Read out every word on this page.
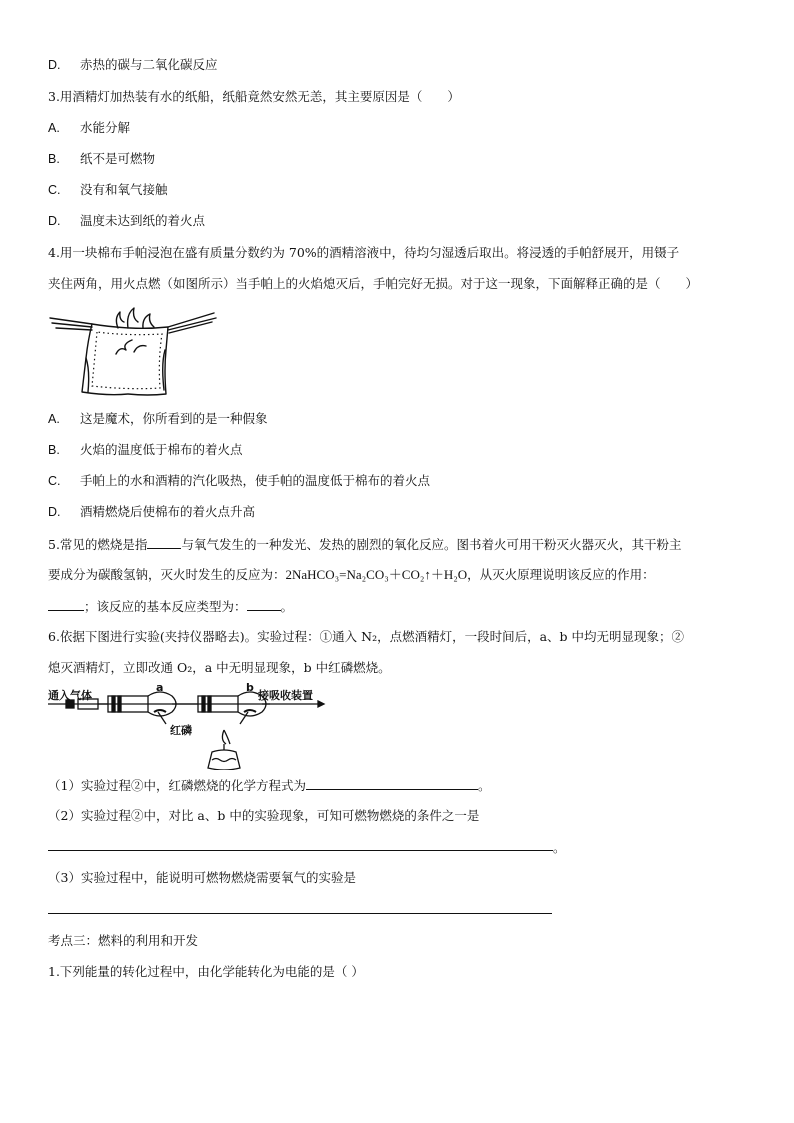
D. 赤热的碳与二氧化碳反应
3.用酒精灯加热装有水的纸船，纸船竟然安然无恙，其主要原因是（　　）
A. 水能分解
B. 纸不是可燃物
C. 没有和氧气接触
D. 温度未达到纸的着火点
4.用一块棉布手帕浸泡在盛有质量分数约为 70%的酒精溶液中，待均匀湿透后取出。将浸透的手帕舒展开，用镊子
夹住两角，用火点燃（如图所示）当手帕上的火焰熄灭后，手帕完好无损。对于这一现象，下面解释正确的是（　　）
A. 这是魔术，你所看到的是一种假象
B. 火焰的温度低于棉布的着火点
C. 手帕上的水和酒精的汽化吸热，使手帕的温度低于棉布的着火点
D. 酒精燃烧后使棉布的着火点升高
5.常见的燃烧是指	与氧气发生的一种发光、发热的剧烈的氧化反应。图书着火可用干粉灭火器灭火，其干粉主
要成分为碳酸氢钠，灭火时发生的反应为：2NaHCO₃=Na₂CO₃＋CO₂↑＋H₂O，从灭火原理说明该反应的作用：
；该反应的基本反应类型为：	。
6.依据下图进行实验(夹持仪器略去)。实验过程：①通入 N₂，点燃酒精灯，一段时间后，a、b 中均无明显现象；②
熄灭酒精灯，立即改通 O₂，a 中无明显现象，b 中红磷燃烧。
通入气体	接吸收装置
a	b
红磷
（1）实验过程②中，红磷燃烧的化学方程式为	。
（2）实验过程②中，对比 a、b 中的实验现象，可知可燃物燃烧的条件之一是
。
（3）实验过程中，能说明可燃物燃烧需要氧气的实验是
考点三：燃料的利用和开发
1.下列能量的转化过程中，由化学能转化为电能的是（ ）
